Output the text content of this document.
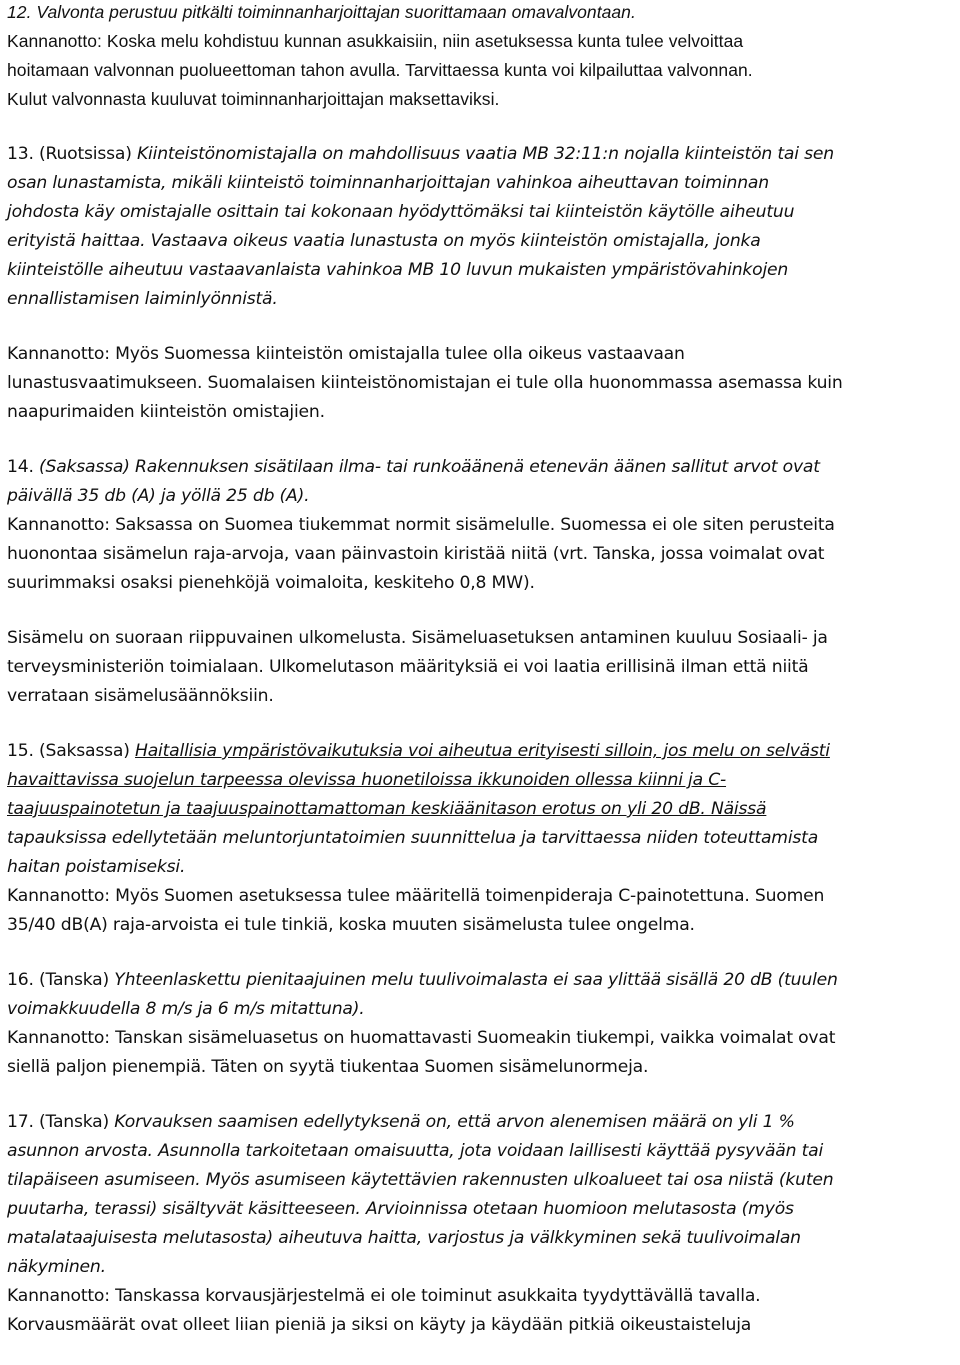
12. Valvonta perustuu pitkälti toiminnanharjoittajan suorittamaan omavalvontaan.
Kannanotto: Koska melu kohdistuu kunnan asukkaisiin, niin asetuksessa kunta tulee velvoittaa
hoitamaan valvonnan puolueettoman tahon avulla. Tarvittaessa kunta voi kilpailuttaa valvonnan.
Kulut valvonnasta kuuluvat toiminnanharjoittajan maksettaviksi.
13. (Ruotsissa) Kiinteistönomistajalla on mahdollisuus vaatia MB 32:11:n nojalla kiinteistön tai sen
osan lunastamista, mikäli kiinteistö toiminnanharjoittajan vahinkoa aiheuttavan toiminnan
johdosta käy omistajalle osittain tai kokonaan hyödyttömäksi tai kiinteistön käytölle aiheutuu
erityistä haittaa. Vastaava oikeus vaatia lunastusta on myös kiinteistön omistajalla, jonka
kiinteistölle aiheutuu vastaavanlaista vahinkoa MB 10 luvun mukaisten ympäristövahinkojen
ennallistamisen laiminlyönnistä.
Kannanotto: Myös Suomessa kiinteistön omistajalla tulee olla oikeus vastaavaan
lunastusvaatimukseen. Suomalaisen kiinteistönomistajan ei tule olla huonommassa asemassa kuin
naapurimaiden kiinteistön omistajien.
14. (Saksassa) Rakennuksen sisätilaan ilma- tai runkoäänenä etenevän äänen sallitut arvot ovat
päivällä 35 db (A) ja yöllä 25 db (A).
Kannanotto: Saksassa on Suomea tiukemmat normit sisämelulle. Suomessa ei ole siten perusteita
huonontaa sisämelun raja-arvoja, vaan päinvastoin kiristää niitä (vrt. Tanska, jossa voimalat ovat
suurimmaksi osaksi pienehköjä voimaloita, keskiteho 0,8 MW).
Sisämelu on suoraan riippuvainen ulkomelusta. Sisämeluasetuksen antaminen kuuluu Sosiaali- ja
terveysministeriön toimialaan. Ulkomelutason määrityksiä ei voi laatia erillisinä ilman että niitä
verrataan sisämelusäännöksiin.
15. (Saksassa) Haitallisia ympäristövaikutuksia voi aiheutua erityisesti silloin, jos melu on selvästi
havaittavissa suojelun tarpeessa olevissa huonetiloissa ikkunoiden ollessa kiinni ja C-
taajuuspainotetun ja taajuuspainottamattoman keskiäänitason erotus on yli 20 dB. Näissä
tapauksissa edellytetään meluntorjuntatoimien suunnittelua ja tarvittaessa niiden toteuttamista
haitan poistamiseksi.
Kannanotto: Myös Suomen asetuksessa tulee määritellä toimenpideraja C-painotettuna. Suomen
35/40 dB(A) raja-arvoista ei tule tinkiä, koska muuten sisämelusta tulee ongelma.
16. (Tanska) Yhteenlaskettu pienitaajuinen melu tuulivoimalasta ei saa ylittää sisällä 20 dB (tuulen
voimakkuudella 8 m/s ja 6 m/s mitattuna).
Kannanotto: Tanskan sisämeluasetus on huomattavasti Suomeakin tiukempi, vaikka voimalat ovat
siellä paljon pienempiä. Täten on syytä tiukentaa Suomen sisämelunormeja.
17. (Tanska) Korvauksen saamisen edellytyksenä on, että arvon alenemisen määrä on yli 1 %
asunnon arvosta. Asunnolla tarkoitetaan omaisuutta, jota voidaan laillisesti käyttää pysyvään tai
tilapäiseen asumiseen. Myös asumiseen käytettävien rakennusten ulkoalueet tai osa niistä (kuten
puutarha, terassi) sisältyvät käsitteeseen. Arvioinnissa otetaan huomioon melutasosta (myös
matalataajuisesta melutasosta) aiheutuva haitta, varjostus ja välkkyminen sekä tuulivoimalan
näkyminen.
Kannanotto: Tanskassa korvausjärjestelmä ei ole toiminut asukkaita tyydyttävällä tavalla.
Korvausmäärät ovat olleet liian pieniä ja siksi on käyty ja käydään pitkiä oikeustaisteluja
